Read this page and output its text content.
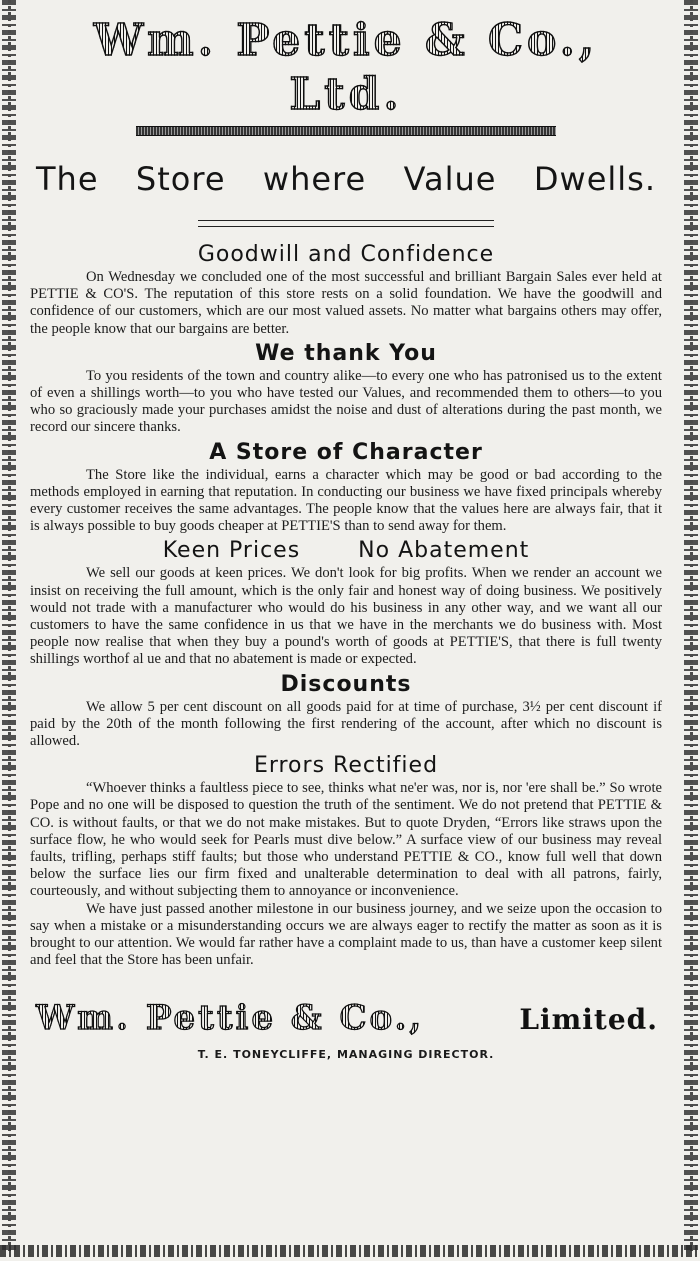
Wm. Pettie & Co., Ltd.
The Store where Value Dwells.
Goodwill and Confidence

On Wednesday we concluded one of the most successful and brilliant Bargain Sales ever held at PETTIE & CO'S. The reputation of this store rests on a solid foundation. We have the goodwill and confidence of our customers, which are our most valued assets. No matter what bargains others may offer, the people know that our bargains are better.

We thank You

To you residents of the town and country alike—to every one who has patronised us to the extent of even a shillings worth—to you who have tested our Values, and recommended them to others—to you who so graciously made your purchases amidst the noise and dust of alterations during the past month, we record our sincere thanks.

A Store of Character

The Store like the individual, earns a character which may be good or bad according to the methods employed in earning that reputation. In conducting our business we have fixed principals whereby every customer receives the same advantages. The people know that the values here are always fair, that it is always possible to buy goods cheaper at PETTIE'S than to send away for them.

Keen Prices	No Abatement

We sell our goods at keen prices. We don't look for big profits. When we render an account we insist on receiving the full amount, which is the only fair and honest way of doing business. We positively would not trade with a manufacturer who would do his business in any other way, and we want all our customers to have the same confidence in us that we have in the merchants we do business with. Most people now realise that when they buy a pound's worth of goods at PETTIE'S, that there is full twenty shillings worthof al ue and that no abatement is made or expected.

Discounts

We allow 5 per cent discount on all goods paid for at time of purchase, 3½ per cent discount if paid by the 20th of the month following the first rendering of the account, after which no discount is allowed.

Errors Rectified

“Whoever thinks a faultless piece to see, thinks what ne'er was, nor is, nor 'ere shall be.” So wrote Pope and no one will be disposed to question the truth of the sentiment. We do not pretend that PETTIE & CO. is without faults, or that we do not make mistakes. But to quote Dryden, “Errors like straws upon the surface flow, he who would seek for Pearls must dive below.” A surface view of our business may reveal faults, trifling, perhaps stiff faults; but those who understand PETTIE & CO., know full well that down below the surface lies our firm fixed and unalterable determination to deal with all patrons, fairly, courteously, and without subjecting them to annoyance or inconvenience.

We have just passed another milestone in our business journey, and we seize upon the occasion to say when a mistake or a misunderstanding occurs we are always eager to rectify the matter as soon as it is brought to our attention. We would far rather have a complaint made to us, than have a customer keep silent and feel that the Store has been unfair.

Wm. Pettie & Co.,	Limited.
T. E. TONEYCLIFFE, MANAGING DIRECTOR.
